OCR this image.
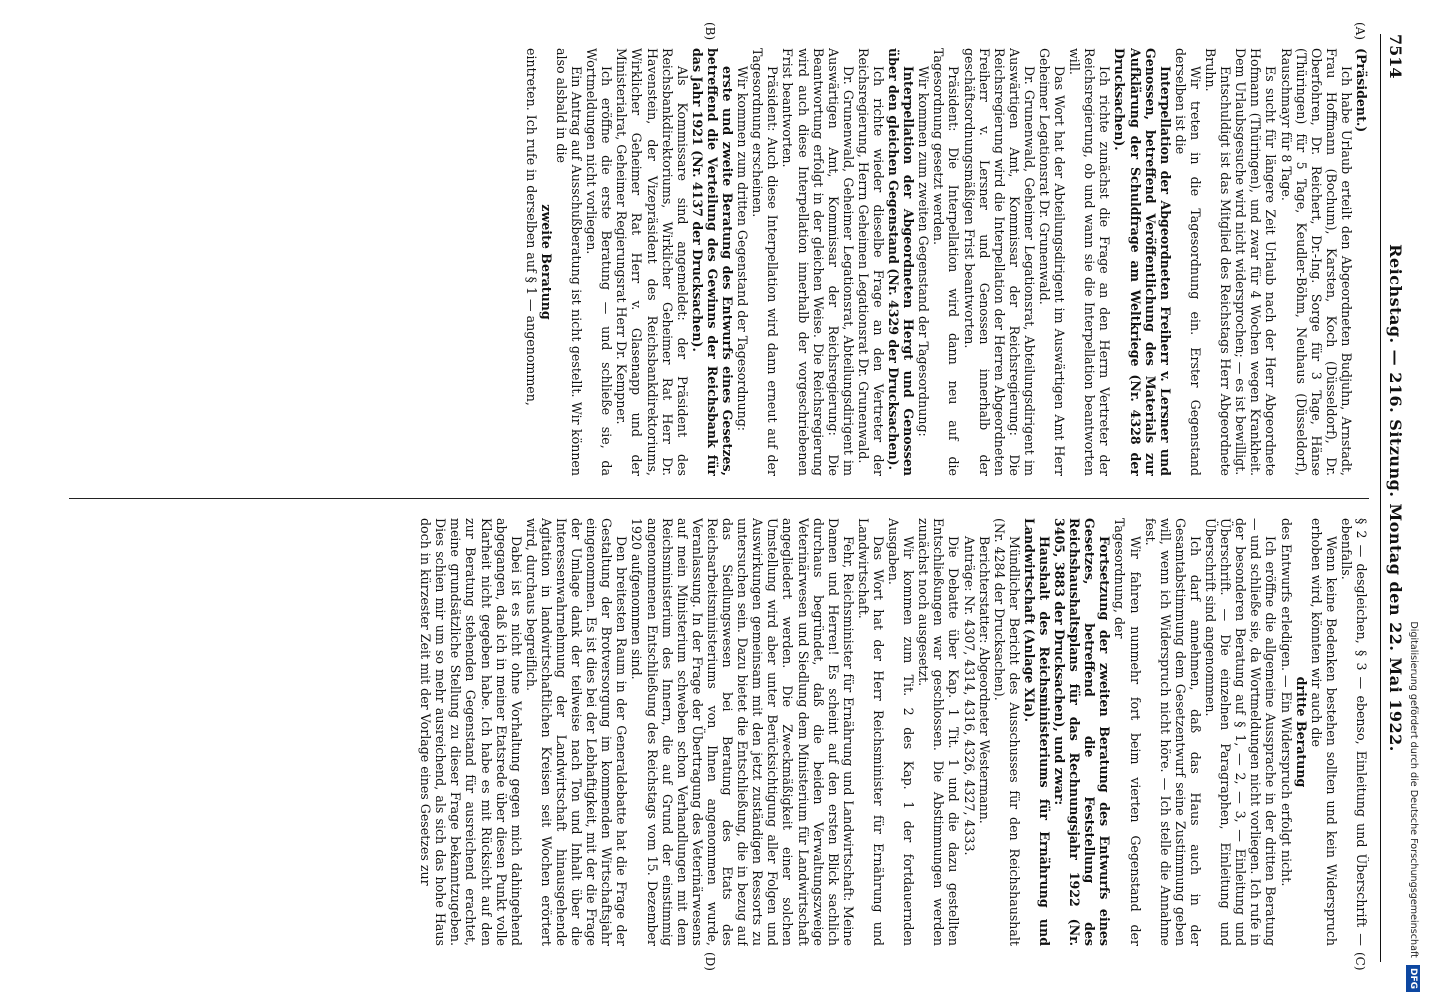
7514
Reichstag. — 216. Sitzung. Montag den 22. Mai 1922.
(A)
(B)
(C)
(D)

(Präsident.)

Ich habe Urlaub erteilt den Abgeordneten Budjuhn, Arnstadt, Frau Hoffmann (Bochum), Karsten, Koch (Düsseldorf), Dr. Oberfohren, Dr. Reichert, Dr.-Ing. Sorge für 3 Tage, Hänse (Thüringen) für 5 Tage, Keudler-Böhm, Neuhaus (Düsseldorf), Rauschmayr für 8 Tage.

Es sucht für längere Zeit Urlaub nach der Herr Abgeordnete Hofmann (Thüringen), und zwar für 4 Wochen wegen Krankheit. Dem Urlaubsgesuche wird nicht widersprochen; — es ist bewilligt.

Entschuldigt ist das Mitglied des Reichstags Herr Abgeordnete Bruhn.

Wir treten in die Tagesordnung ein. Erster Gegenstand derselben ist die

Interpellation der Abgeordneten Freiherr v. Lersner und Genossen, betreffend Veröffentlichung des Materials zur Aufklärung der Schuldfrage am Weltkriege (Nr. 4328 der Drucksachen).

Ich richte zunächst die Frage an den Herrn Vertreter der Reichsregierung, ob und wann sie die Interpellation beantworten will.

Das Wort hat der Abteilungsdirigent im Auswärtigen Amt Herr Geheimer Legationsrat Dr. Grunenwald.

Dr. Grunenwald, Geheimer Legationsrat, Abteilungsdirigent im Auswärtigen Amt, Kommissar der Reichsregierung: Die Reichsregierung wird die Interpellation der Herren Abgeordneten Freiherr v. Lersner und Genossen innerhalb der geschäftsordnungsmäßigen Frist beantworten.

Präsident: Die Interpellation wird dann neu auf die Tagesordnung gesetzt werden.

Wir kommen zum zweiten Gegenstand der Tagesordnung:

Interpellation der Abgeordneten Hergt und Genossen über den gleichen Gegenstand (Nr. 4329 der Drucksachen).

Ich richte wieder dieselbe Frage an den Vertreter der Reichsregierung, Herrn Geheimen Legationsrat Dr. Grunenwald.

Dr. Grunenwald, Geheimer Legationsrat, Abteilungsdirigent im Auswärtigen Amt, Kommissar der Reichsregierung: Die Beantwortung erfolgt in der gleichen Weise. Die Reichsregierung wird auch diese Interpellation innerhalb der vorgeschriebenen Frist beantworten.

Präsident: Auch diese Interpellation wird dann erneut auf der Tagesordnung erscheinen.

Wir kommen zum dritten Gegenstand der Tagesordnung:

erste und zweite Beratung des Entwurfs eines Gesetzes, betreffend die Verteilung des Gewinns der Reichsbank für das Jahr 1921 (Nr. 4137 der Drucksachen).

Als Kommissare sind angemeldet: der Präsident des Reichsbankdirektoriums, Wirklicher Geheimer Rat Herr Dr. Havenstein, der Vizepräsident des Reichsbankdirektoriums, Wirklicher Geheimer Rat Herr v. Glasenapp und der Ministerialrat, Geheimer Regierungsrat Herr Dr. Kempner.

Ich eröffne die erste Beratung — und schließe sie, da Wortmeldungen nicht vorliegen.

Ein Antrag auf Ausschußberatung ist nicht gestellt. Wir können also alsbald in die

zweite Beratung

eintreten. Ich rufe in derselben auf § 1 — angenommen,

§ 2 — desgleichen, § 3 — ebenso, Einleitung und Überschrift — ebenfalls.

Wenn keine Bedenken bestehen sollten und kein Widerspruch erhoben wird, könnten wir auch die

dritte Beratung

des Entwurfs erledigen. — Ein Widerspruch erfolgt nicht.

Ich eröffne die allgemeine Aussprache in der dritten Beratung — und schließe sie, da Wortmeldungen nicht vorliegen. Ich rufe in der besonderen Beratung auf § 1, — 2, — 3, — Einleitung und Überschrift. — Die einzelnen Paragraphen, Einleitung und Überschrift sind angenommen.

Ich darf annehmen, daß das Haus auch in der Gesamtabstimmung dem Gesetzentwurf seine Zustimmung geben will, wenn ich Widerspruch nicht höre. — Ich stelle die Annahme fest.

Wir fahren nunmehr fort beim vierten Gegenstand der Tagesordnung, der

Fortsetzung der zweiten Beratung des Entwurfs eines Gesetzes, betreffend die Feststellung des Reichshaushaltsplans für das Rechnungsjahr 1922 (Nr. 3405, 3883 der Drucksachen), und zwar:

Haushalt des Reichsministeriums für Ernährung und Landwirtschaft (Anlage XIa).

Mündlicher Bericht des Ausschusses für den Reichshaushalt (Nr. 4284 der Drucksachen).

Berichterstatter: Abgeordneter Westermann.

Anträge: Nr. 4307, 4314, 4316, 4326, 4327, 4333.

Die Debatte über Kap. 1 Tit. 1 und die dazu gestellten Entschließungen war geschlossen. Die Abstimmungen werden zunächst noch ausgesetzt.

Wir kommen zum Tit. 2 des Kap. 1 der fortdauernden Ausgaben.

Das Wort hat der Herr Reichsminister für Ernährung und Landwirtschaft.

Fehr, Reichsminister für Ernährung und Landwirtschaft: Meine Damen und Herren! Es scheint auf den ersten Blick sachlich durchaus begründet, daß die beiden Verwaltungszweige Veterinärwesen und Siedlung dem Ministerium für Landwirtschaft angegliedert werden. Die Zweckmäßigkeit einer solchen Umstellung wird aber unter Berücksichtigung aller Folgen und Auswirkungen gemeinsam mit den jetzt zuständigen Ressorts zu untersuchen sein. Dazu bietet die Entschließung, die in bezug auf das Siedlungswesen bei Beratung des Etats des Reichsarbeitsministeriums von Ihnen angenommen wurde, Veranlassung. In der Frage der Übertragung des Veterinärwesens auf mein Ministerium schweben schon Verhandlungen mit dem Reichsministerium des Innern, die auf Grund der einstimmig angenommenen Entschließung des Reichstags vom 15. Dezember 1920 aufgenommen sind.

Den breitesten Raum in der Generaldebatte hat die Frage der Gestaltung der Brotversorgung im kommenden Wirtschaftsjahr eingenommen. Es ist dies bei der Lebhaftigkeit, mit der die Frage der Umlage dank der teilweise nach Ton und Inhalt über die Interessenwahrnehmung der Landwirtschaft hinausgehende Agitation in landwirtschaftlichen Kreisen seit Wochen erörtert wird, durchaus begreiflich.

Dabei ist es nicht ohne Vorhaltung gegen mich dahingehend abgegangen, daß ich in meiner Etatsrede über diesen Punkt volle Klarheit nicht gegeben habe. Ich habe es mit Rücksicht auf den zur Beratung stehenden Gegenstand für ausreichend erachtet, meine grundsätzliche Stellung zu dieser Frage bekanntzugeben. Dies schien mir um so mehr ausreichend, als sich das hohe Haus doch in kürzester Zeit mit der Vorlage eines Gesetzes zur	Digitalisierung gefördert durch die Deutsche Forschungsgemeinschaft DFG
